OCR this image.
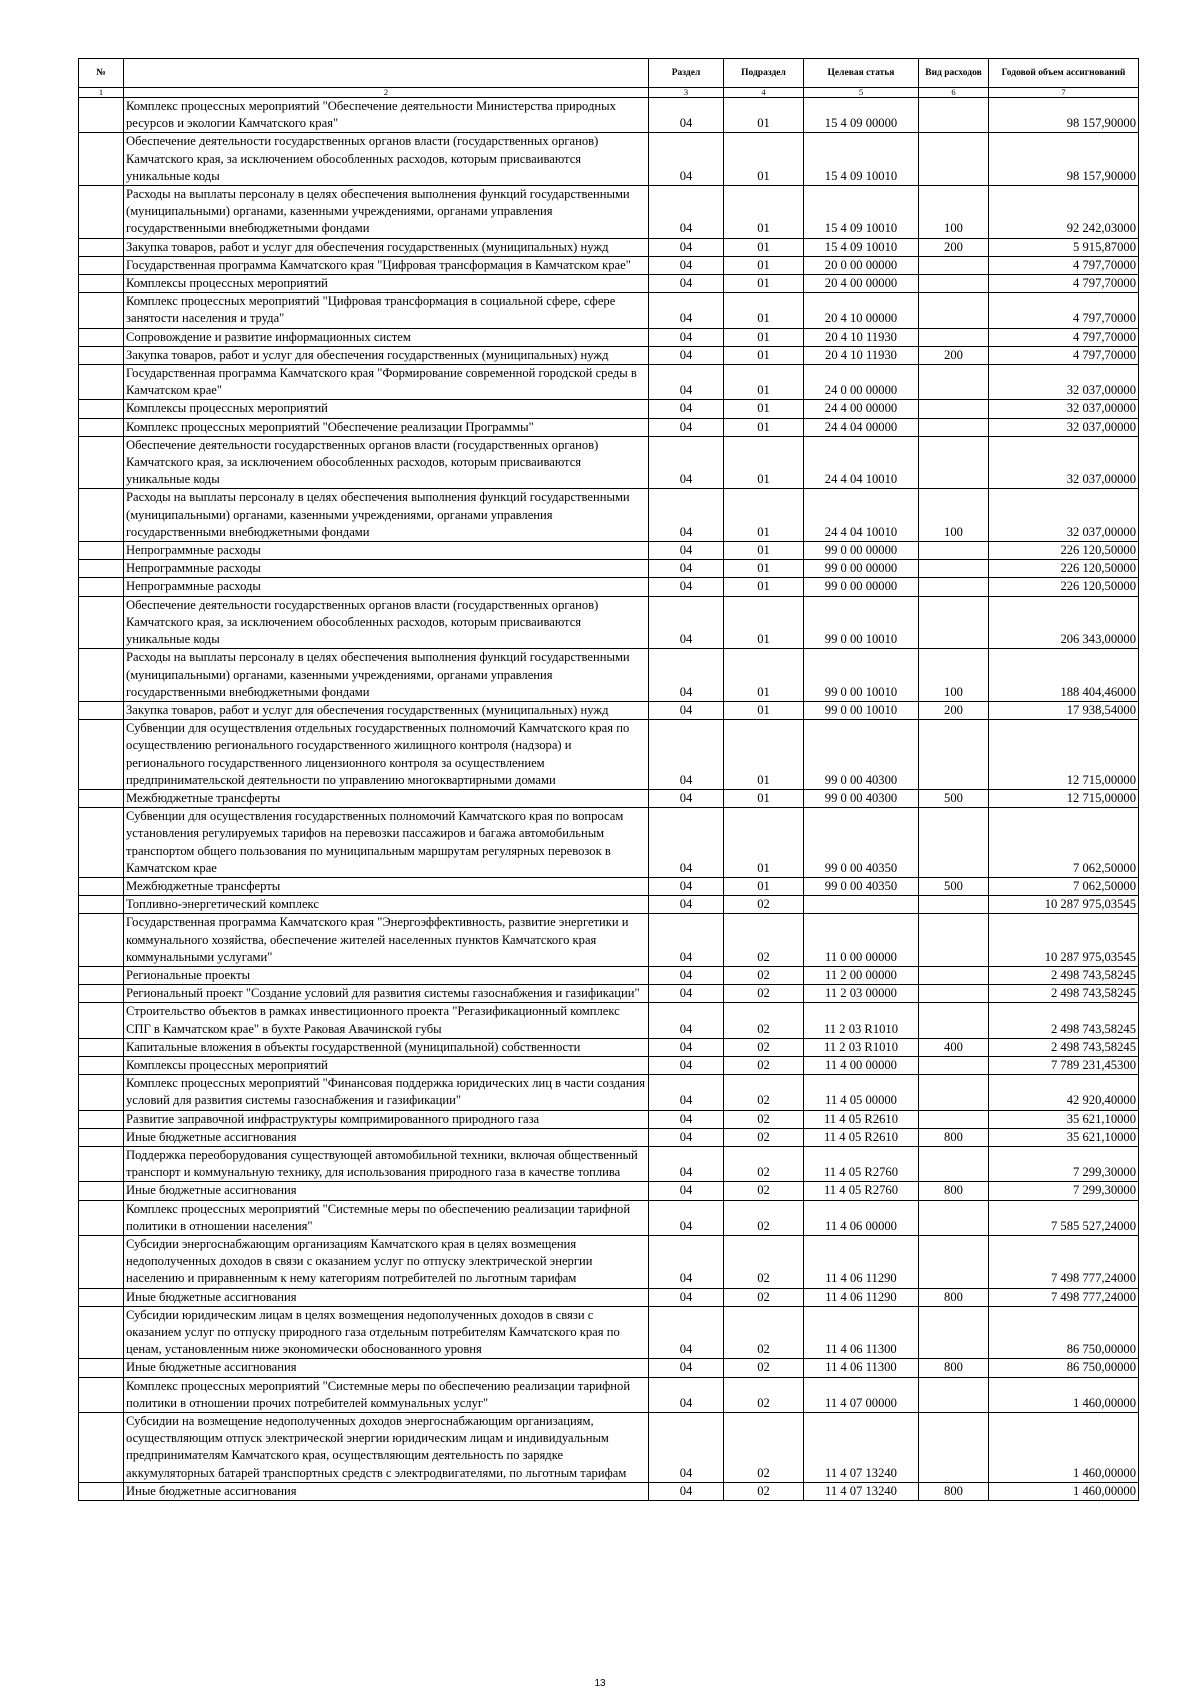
№		Раздел	Подраздел	Целевая статья	Вид расходов	Годовой объем ассигнований
1	2	3	4	5	6	7
	Комплекс процессных мероприятий "Обеспечение деятельности Министерства природных ресурсов и экологии Камчатского края"	04	01	15 4 09 00000		98 157,90000
	Обеспечение деятельности государственных органов власти (государственных органов) Камчатского края, за исключением обособленных расходов, которым присваиваются уникальные коды	04	01	15 4 09 10010		98 157,90000
	Расходы на выплаты персоналу в целях обеспечения выполнения функций государственными (муниципальными) органами, казенными учреждениями, органами управления государственными внебюджетными фондами	04	01	15 4 09 10010	100	92 242,03000
	Закупка товаров, работ и услуг для обеспечения государственных (муниципальных) нужд	04	01	15 4 09 10010	200	5 915,87000
	Государственная программа Камчатского края "Цифровая трансформация в Камчатском крае"	04	01	20 0 00 00000		4 797,70000
	Комплексы процессных мероприятий	04	01	20 4 00 00000		4 797,70000
	Комплекс процессных мероприятий "Цифровая трансформация в социальной сфере, сфере занятости населения и труда"	04	01	20 4 10 00000		4 797,70000
	Сопровождение и развитие информационных систем	04	01	20 4 10 11930		4 797,70000
	Закупка товаров, работ и услуг для обеспечения государственных (муниципальных) нужд	04	01	20 4 10 11930	200	4 797,70000
	Государственная программа Камчатского края "Формирование современной городской среды в Камчатском крае"	04	01	24 0 00 00000		32 037,00000
	Комплексы процессных мероприятий	04	01	24 4 00 00000		32 037,00000
	Комплекс процессных мероприятий "Обеспечение реализации Программы"	04	01	24 4 04 00000		32 037,00000
	Обеспечение деятельности государственных органов власти (государственных органов) Камчатского края, за исключением обособленных расходов, которым присваиваются уникальные коды	04	01	24 4 04 10010		32 037,00000
	Расходы на выплаты персоналу в целях обеспечения выполнения функций государственными (муниципальными) органами, казенными учреждениями, органами управления государственными внебюджетными фондами	04	01	24 4 04 10010	100	32 037,00000
	Непрограммные расходы	04	01	99 0 00 00000		226 120,50000
	Непрограммные расходы	04	01	99 0 00 00000		226 120,50000
	Непрограммные расходы	04	01	99 0 00 00000		226 120,50000
	Обеспечение деятельности государственных органов власти (государственных органов) Камчатского края, за исключением обособленных расходов, которым присваиваются уникальные коды	04	01	99 0 00 10010		206 343,00000
	Расходы на выплаты персоналу в целях обеспечения выполнения функций государственными (муниципальными) органами, казенными учреждениями, органами управления государственными внебюджетными фондами	04	01	99 0 00 10010	100	188 404,46000
	Закупка товаров, работ и услуг для обеспечения государственных (муниципальных) нужд	04	01	99 0 00 10010	200	17 938,54000
	Субвенции для осуществления отдельных государственных полномочий Камчатского края по осуществлению регионального государственного жилищного контроля (надзора) и регионального государственного лицензионного контроля за осуществлением предпринимательской деятельности по управлению многоквартирными домами	04	01	99 0 00 40300		12 715,00000
	Межбюджетные трансферты	04	01	99 0 00 40300	500	12 715,00000
	Субвенции для осуществления государственных полномочий Камчатского края по вопросам установления регулируемых тарифов на перевозки пассажиров и багажа автомобильным транспортом общего пользования по муниципальным маршрутам регулярных перевозок в Камчатском крае	04	01	99 0 00 40350		7 062,50000
	Межбюджетные трансферты	04	01	99 0 00 40350	500	7 062,50000
	Топливно-энергетический комплекс	04	02			10 287 975,03545
	Государственная программа Камчатского края "Энергоэффективность, развитие энергетики и коммунального хозяйства, обеспечение жителей населенных пунктов Камчатского края коммунальными услугами"	04	02	11 0 00 00000		10 287 975,03545
	Региональные проекты	04	02	11 2 00 00000		2 498 743,58245
	Региональный проект "Создание условий для развития системы газоснабжения и газификации"	04	02	11 2 03 00000		2 498 743,58245
	Строительство объектов в рамках инвестиционного проекта "Регазификационный комплекс СПГ в Камчатском крае" в бухте Раковая Авачинской губы	04	02	11 2 03 R1010		2 498 743,58245
	Капитальные вложения в объекты государственной (муниципальной) собственности	04	02	11 2 03 R1010	400	2 498 743,58245
	Комплексы процессных мероприятий	04	02	11 4 00 00000		7 789 231,45300
	Комплекс процессных мероприятий "Финансовая поддержка юридических лиц в части создания условий для развития системы газоснабжения и газификации"	04	02	11 4 05 00000		42 920,40000
	Развитие заправочной инфраструктуры компримированного природного газа	04	02	11 4 05 R2610		35 621,10000
	Иные бюджетные ассигнования	04	02	11 4 05 R2610	800	35 621,10000
	Поддержка переоборудования существующей автомобильной техники, включая общественный транспорт и коммунальную технику, для использования природного газа в качестве топлива	04	02	11 4 05 R2760		7 299,30000
	Иные бюджетные ассигнования	04	02	11 4 05 R2760	800	7 299,30000
	Комплекс процессных мероприятий "Системные меры по обеспечению реализации тарифной политики в отношении населения"	04	02	11 4 06 00000		7 585 527,24000
	Субсидии энергоснабжающим организациям Камчатского края в целях возмещения недополученных доходов в связи с оказанием услуг по отпуску электрической энергии населению и приравненным к нему категориям потребителей по льготным тарифам	04	02	11 4 06 11290		7 498 777,24000
	Иные бюджетные ассигнования	04	02	11 4 06 11290	800	7 498 777,24000
	Субсидии юридическим лицам в целях возмещения недополученных доходов в связи с оказанием услуг по отпуску природного газа отдельным потребителям Камчатского края по ценам, установленным ниже экономически обоснованного уровня	04	02	11 4 06 11300		86 750,00000
	Иные бюджетные ассигнования	04	02	11 4 06 11300	800	86 750,00000
	Комплекс процессных мероприятий "Системные меры по обеспечению реализации тарифной политики в отношении прочих потребителей коммунальных услуг"	04	02	11 4 07 00000		1 460,00000
	Субсидии на возмещение недополученных доходов энергоснабжающим организациям, осуществляющим отпуск электрической энергии юридическим лицам и индивидуальным предпринимателям Камчатского края, осуществляющим деятельность по зарядке аккумуляторных батарей транспортных средств с электродвигателями, по льготным тарифам	04	02	11 4 07 13240		1 460,00000
	Иные бюджетные ассигнования	04	02	11 4 07 13240	800	1 460,00000
13
